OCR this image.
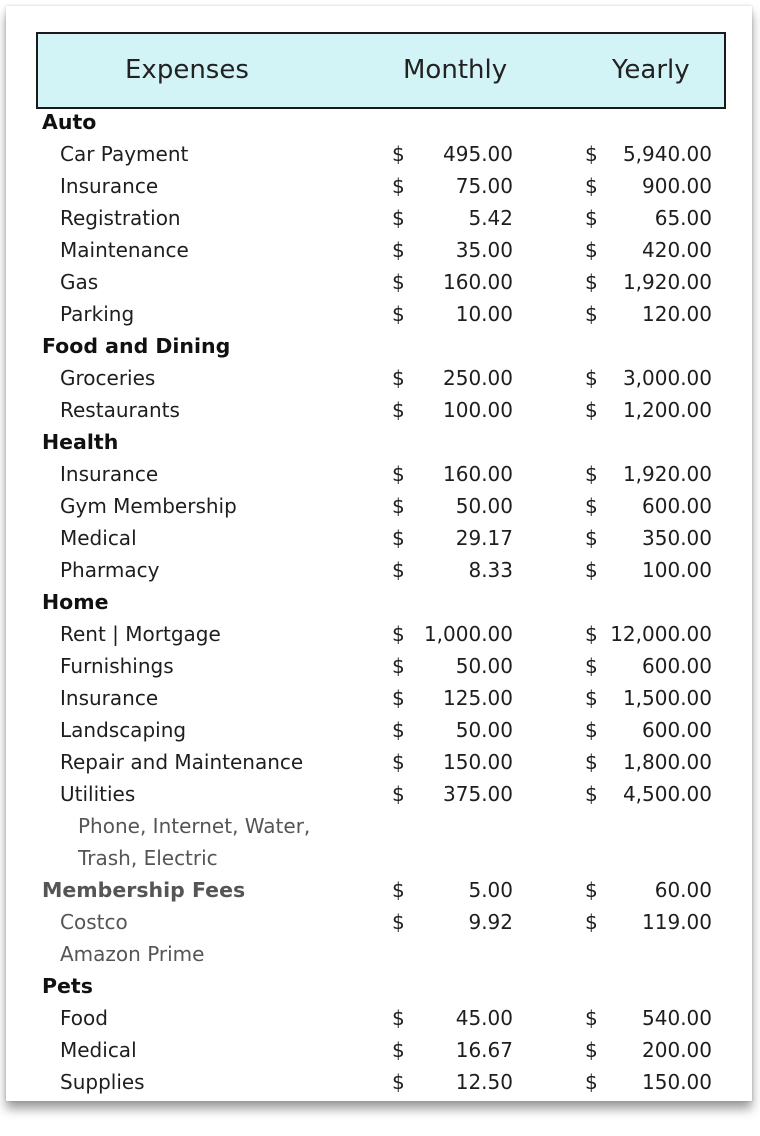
Expenses	Monthly	Yearly
Auto
Car Payment	$ 495.00	$ 5,940.00
Insurance	$	75.00	$ 900.00
Registration	$	5.42	$	65.00
Maintenance	$	35.00	$ 420.00
Gas	$ 160.00	$ 1,920.00
Parking	$	10.00	$ 120.00
Food and Dining
Groceries	$ 250.00	$ 3,000.00
Restaurants	$ 100.00	$ 1,200.00
Health
Insurance	$ 160.00	$ 1,920.00
Gym Membership	$	50.00	$ 600.00
Medical	$	29.17	$ 350.00
Pharmacy	$	8.33	$ 100.00
Home
Rent | Mortgage	$ 1,000.00	$ 12,000.00
Furnishings	$	50.00	$ 600.00
Insurance	$ 125.00	$ 1,500.00
Landscaping	$	50.00	$ 600.00
Repair and Maintenance	$ 150.00	$ 1,800.00
Utilities	$ 375.00	$ 4,500.00
Phone, Internet, Water,
Trash, Electric
Membership Fees	$	5.00	$	60.00
Costco	$	9.92	$ 119.00
Amazon Prime
Pets
Food	$	45.00	$ 540.00
Medical	$	16.67	$ 200.00
Supplies	$	12.50	$ 150.00
